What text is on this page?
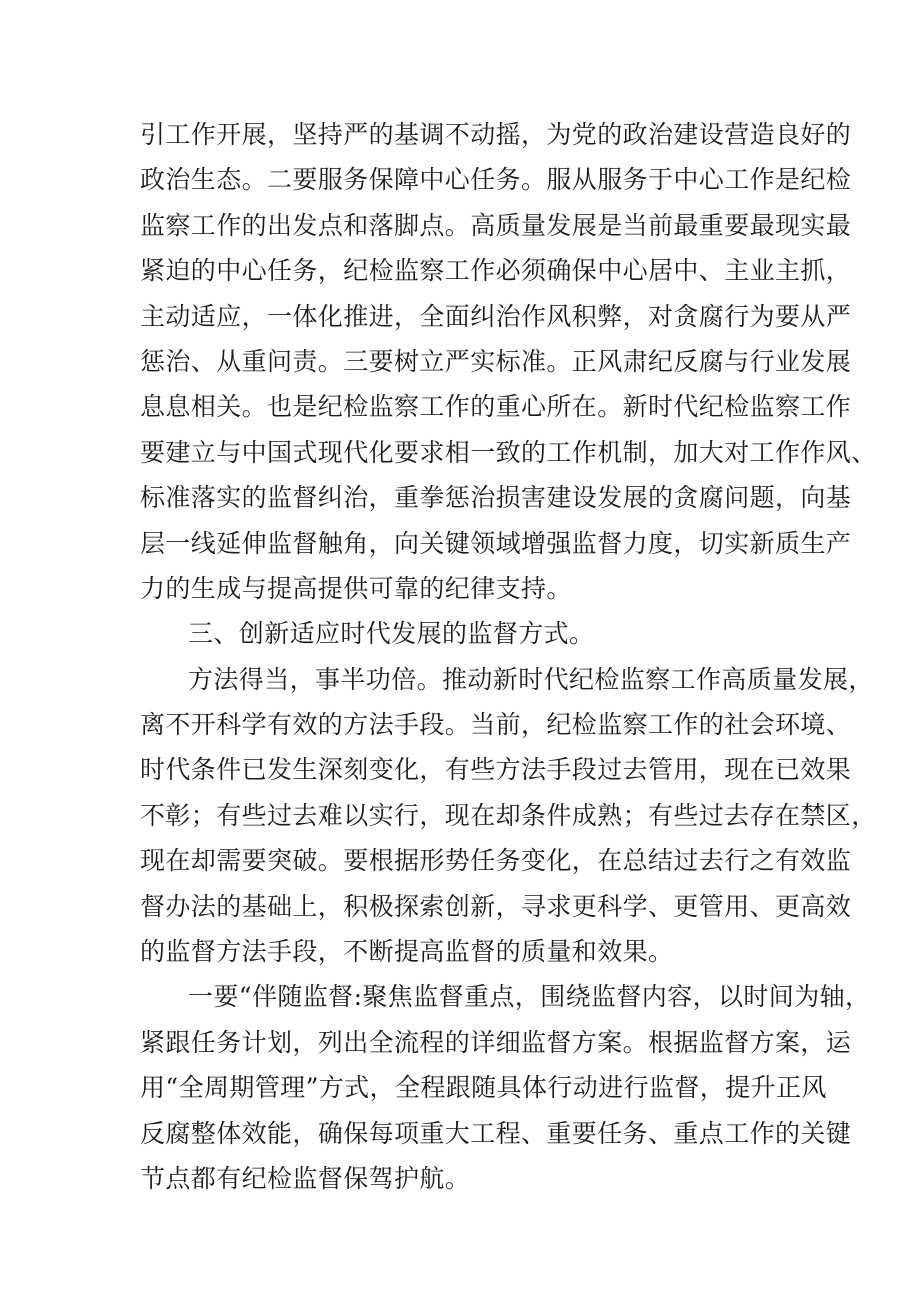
引工作开展，坚持严的基调不动摇，为党的政治建设营造良好的
政治生态。二要服务保障中心任务。服从服务于中心工作是纪检
监察工作的出发点和落脚点。高质量发展是当前最重要最现实最
紧迫的中心任务，纪检监察工作必须确保中心居中、主业主抓，
主动适应，一体化推进，全面纠治作风积弊，对贪腐行为要从严
惩治、从重问责。三要树立严实标准。正风肃纪反腐与行业发展
息息相关。也是纪检监察工作的重心所在。新时代纪检监察工作
要建立与中国式现代化要求相一致的工作机制，加大对工作作风、
标准落实的监督纠治，重拳惩治损害建设发展的贪腐问题，向基
层一线延伸监督触角，向关键领域增强监督力度，切实新质生产
力的生成与提高提供可靠的纪律支持。
三、创新适应时代发展的监督方式。
方法得当，事半功倍。推动新时代纪检监察工作高质量发展，
离不开科学有效的方法手段。当前，纪检监察工作的社会环境、
时代条件已发生深刻变化，有些方法手段过去管用，现在已效果
不彰；有些过去难以实行，现在却条件成熟；有些过去存在禁区，
现在却需要突破。要根据形势任务变化，在总结过去行之有效监
督办法的基础上，积极探索创新，寻求更科学、更管用、更高效
的监督方法手段，不断提高监督的质量和效果。
一要“伴随监督:聚焦监督重点，围绕监督内容，以时间为轴，
紧跟任务计划，列出全流程的详细监督方案。根据监督方案，运
用“全周期管理”方式，全程跟随具体行动进行监督，提升正风
反腐整体效能，确保每项重大工程、重要任务、重点工作的关键
节点都有纪检监督保驾护航。
